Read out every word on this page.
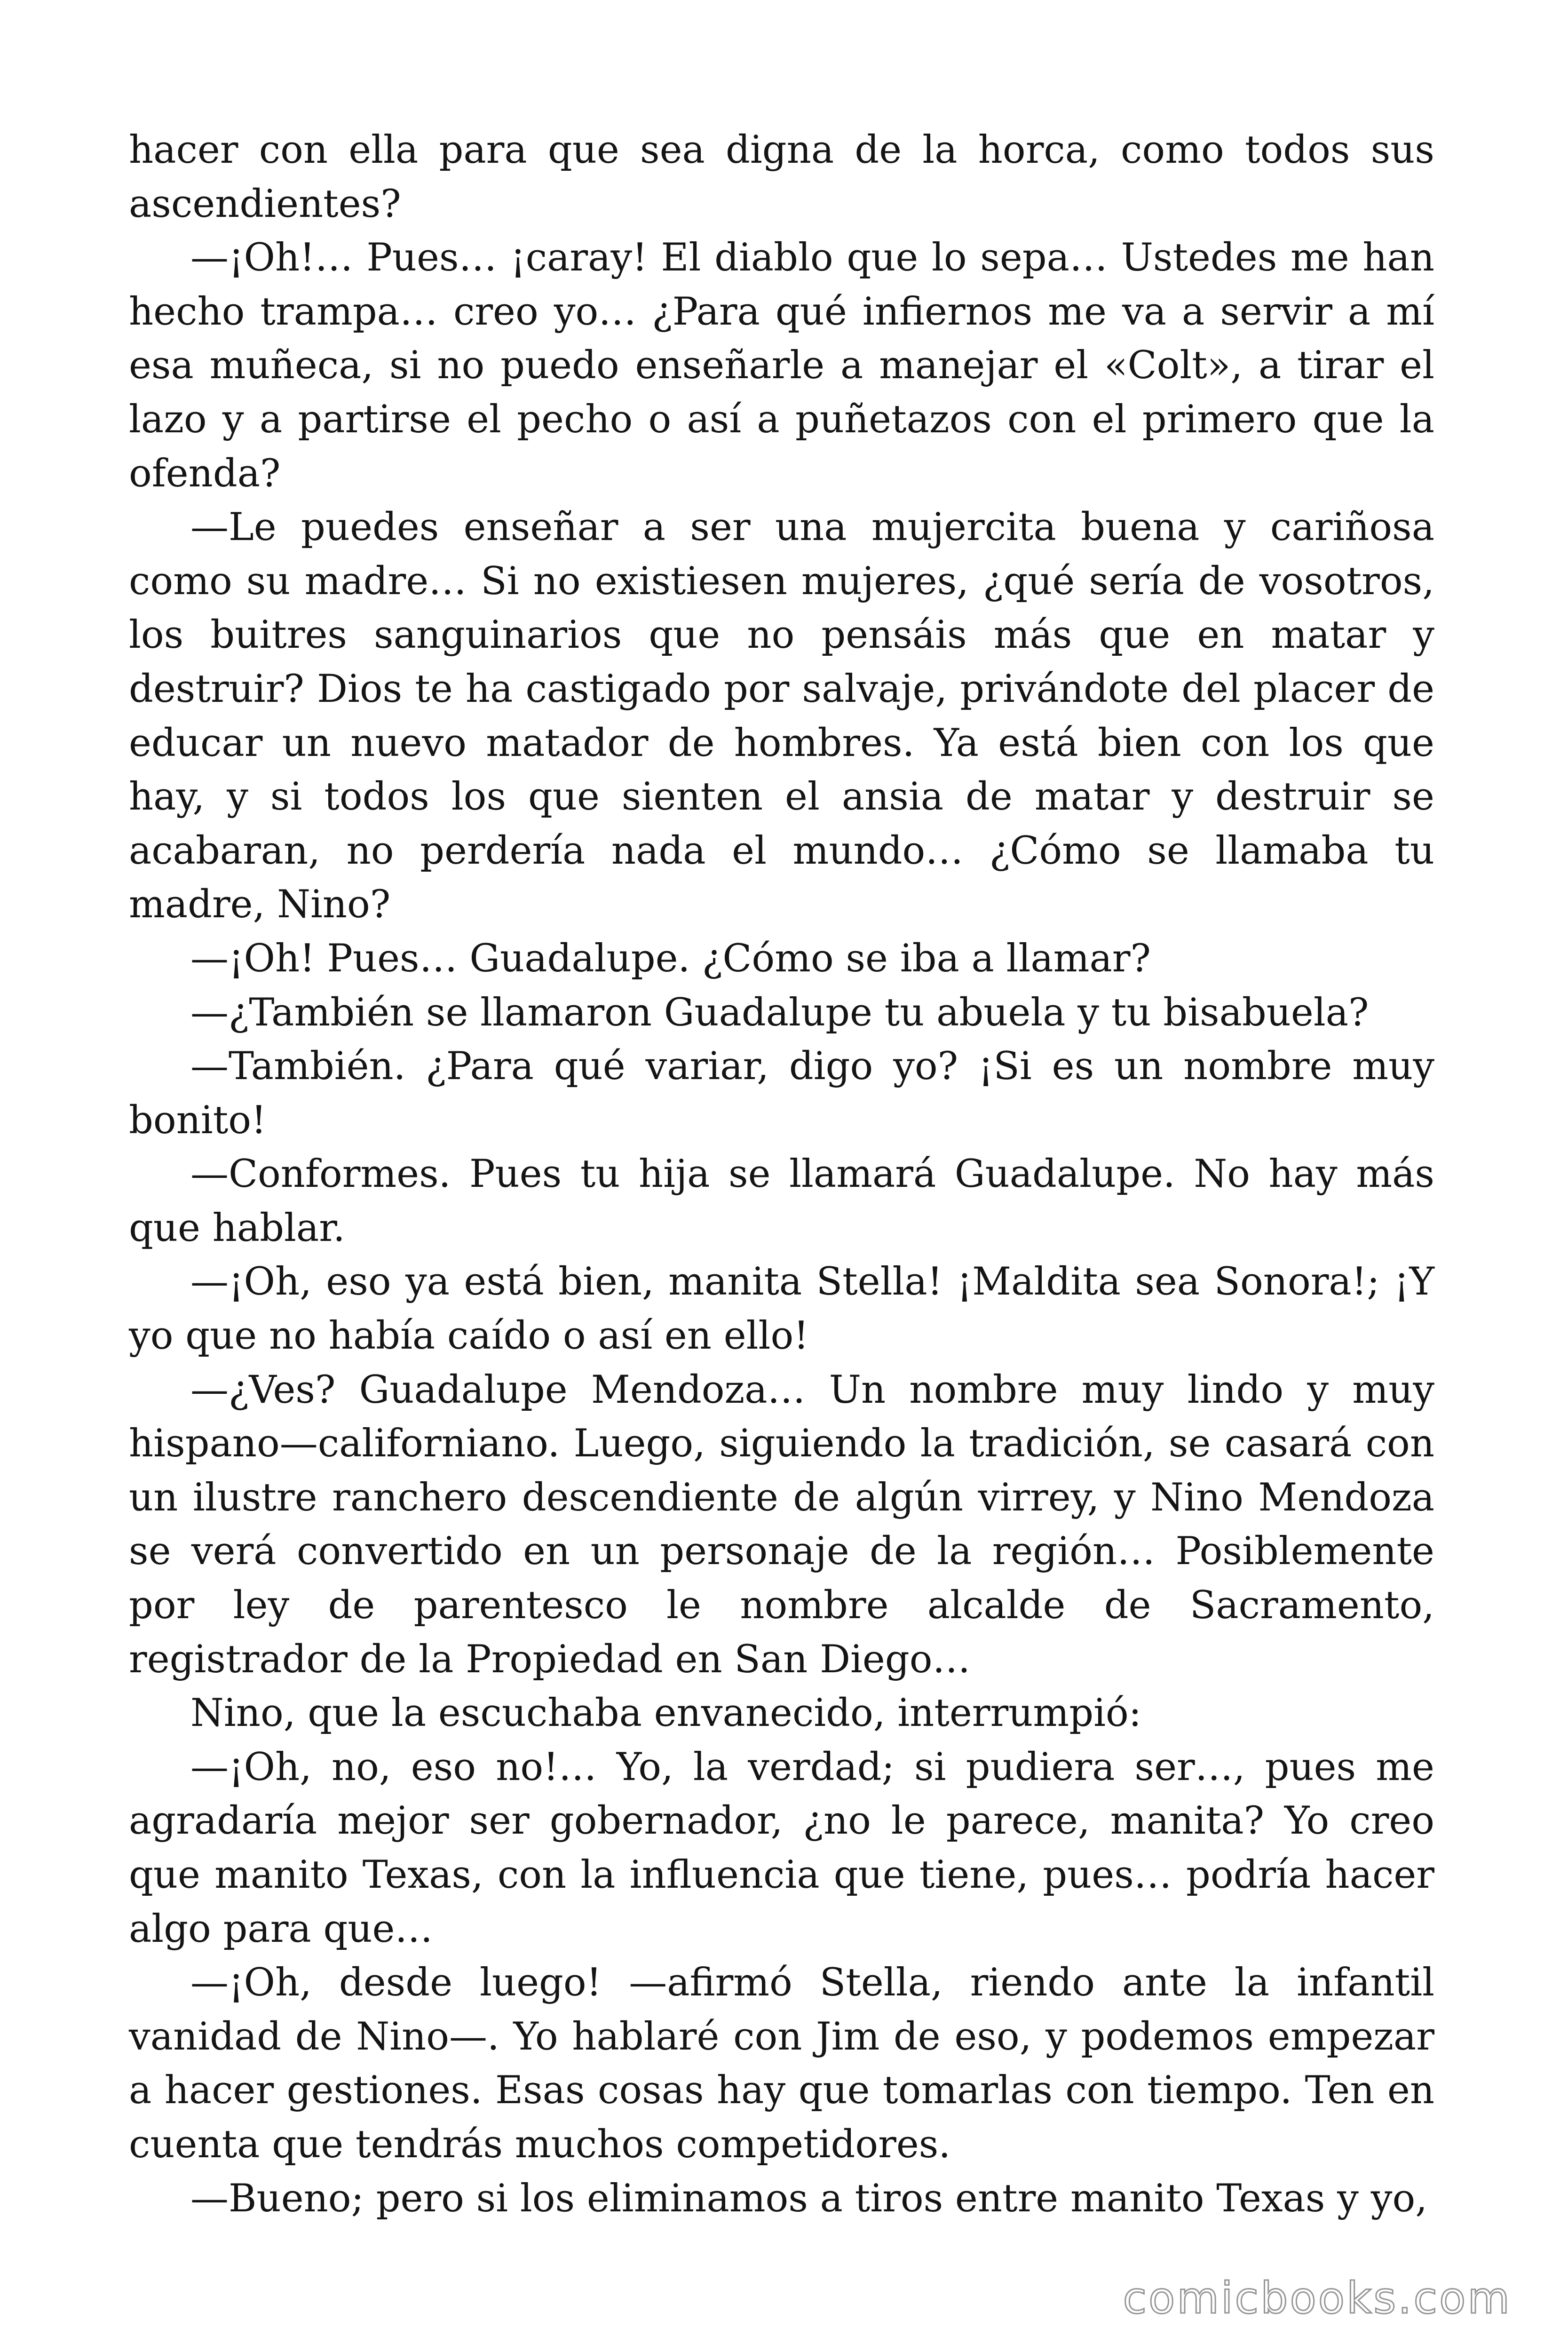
hacer con ella para que sea digna de la horca, como todos sus ascendientes?

—¡Oh!… Pues… ¡caray! El diablo que lo sepa… Ustedes me han hecho trampa… creo yo… ¿Para qué infiernos me va a servir a mí esa muñeca, si no puedo enseñarle a manejar el «Colt», a tirar el lazo y a partirse el pecho o así a puñetazos con el primero que la ofenda?

—Le puedes enseñar a ser una mujercita buena y cariñosa como su madre… Si no existiesen mujeres, ¿qué sería de vosotros, los buitres sanguinarios que no pensáis más que en matar y destruir? Dios te ha castigado por salvaje, privándote del placer de educar un nuevo matador de hombres. Ya está bien con los que hay, y si todos los que sienten el ansia de matar y destruir se acabaran, no perdería nada el mundo… ¿Cómo se llamaba tu madre, Nino?

—¡Oh! Pues… Guadalupe. ¿Cómo se iba a llamar?

—¿También se llamaron Guadalupe tu abuela y tu bisabuela?

—También. ¿Para qué variar, digo yo? ¡Si es un nombre muy bonito!

—Conformes. Pues tu hija se llamará Guadalupe. No hay más que hablar.

—¡Oh, eso ya está bien, manita Stella! ¡Maldita sea Sonora!; ¡Y yo que no había caído o así en ello!

—¿Ves? Guadalupe Mendoza… Un nombre muy lindo y muy hispano—californiano. Luego, siguiendo la tradición, se casará con un ilustre ranchero descendiente de algún virrey, y Nino Mendoza se verá convertido en un personaje de la región… Posiblemente por ley de parentesco le nombre alcalde de Sacramento, registrador de la Propiedad en San Diego…

Nino, que la escuchaba envanecido, interrumpió:

—¡Oh, no, eso no!… Yo, la verdad; si pudiera ser…, pues me agradaría mejor ser gobernador, ¿no le parece, manita? Yo creo que manito Texas, con la influencia que tiene, pues… podría hacer algo para que…

—¡Oh, desde luego! —afirmó Stella, riendo ante la infantil vanidad de Nino—. Yo hablaré con Jim de eso, y podemos empezar a hacer gestiones. Esas cosas hay que tomarlas con tiempo. Ten en cuenta que tendrás muchos competidores.

—Bueno; pero si los eliminamos a tiros entre manito Texas y yo,

comicbooks.com
